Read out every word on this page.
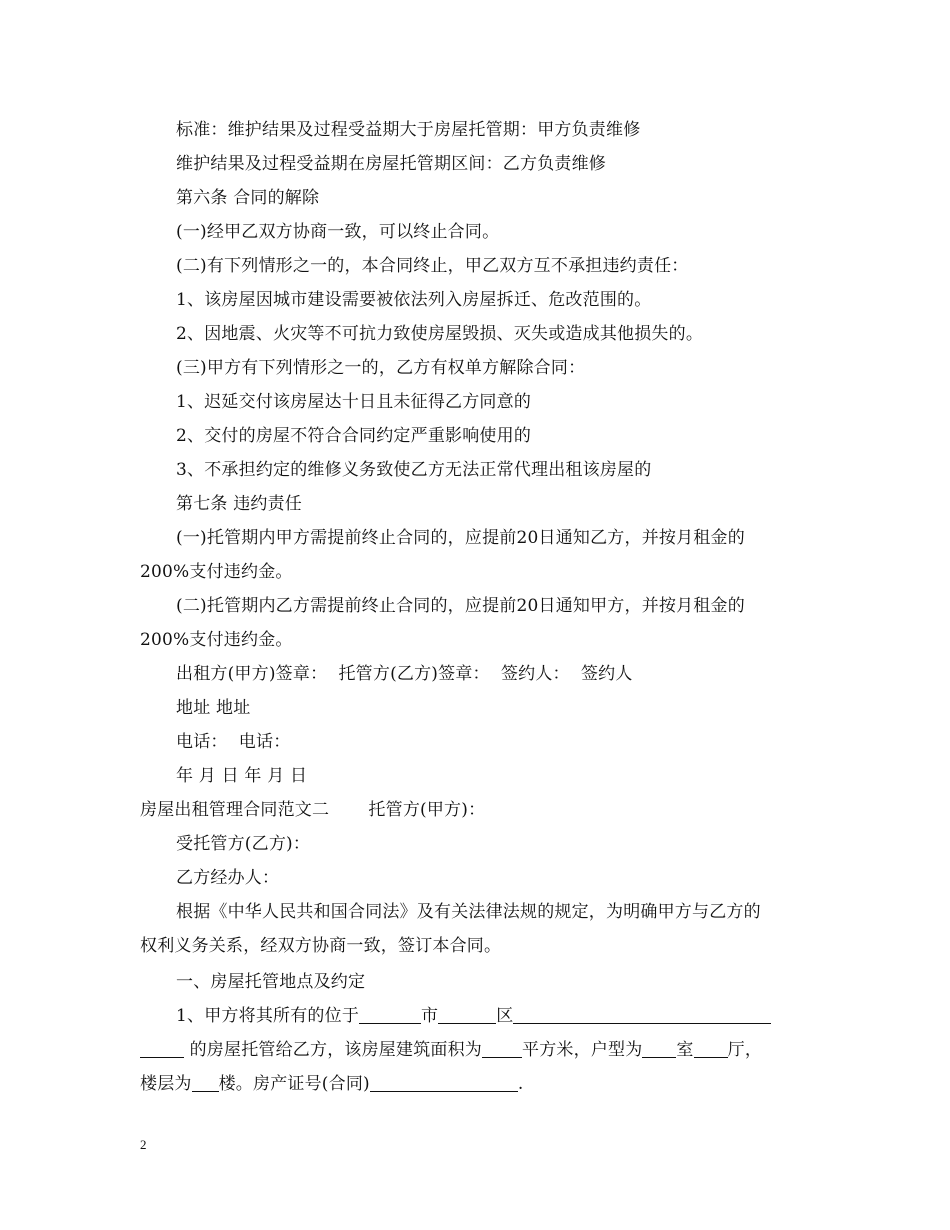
标准：维护结果及过程受益期大于房屋托管期：甲方负责维修
维护结果及过程受益期在房屋托管期区间：乙方负责维修
第六条 合同的解除
(一)经甲乙双方协商一致，可以终止合同。
(二)有下列情形之一的，本合同终止，甲乙双方互不承担违约责任：
1、该房屋因城市建设需要被依法列入房屋拆迁、危改范围的。
2、因地震、火灾等不可抗力致使房屋毁损、灭失或造成其他损失的。
(三)甲方有下列情形之一的，乙方有权单方解除合同：
1、迟延交付该房屋达十日且未征得乙方同意的
2、交付的房屋不符合合同约定严重影响使用的
3、不承担约定的维修义务致使乙方无法正常代理出租该房屋的
第七条 违约责任
(一)托管期内甲方需提前终止合同的，应提前20日通知乙方，并按月租金的
200%支付违约金。
(二)托管期内乙方需提前终止合同的，应提前20日通知甲方，并按月租金的
200%支付违约金。
出租方(甲方)签章：  托管方(乙方)签章：  签约人：  签约人
地址 地址
电话：  电话：
年 月 日 年 月 日
房屋出租管理合同范文二       托管方(甲方)：
受托管方(乙方)：
乙方经办人：
根据《中华人民共和国合同法》及有关法律法规的规定，为明确甲方与乙方的
权利义务关系，经双方协商一致，签订本合同。
一、房屋托管地点及约定
1、甲方将其所有的位于	市	区
的房屋托管给乙方，该房屋建筑面积为 平方米，户型为 室 厅，
楼层为 楼。房产证号(合同)	.
2
